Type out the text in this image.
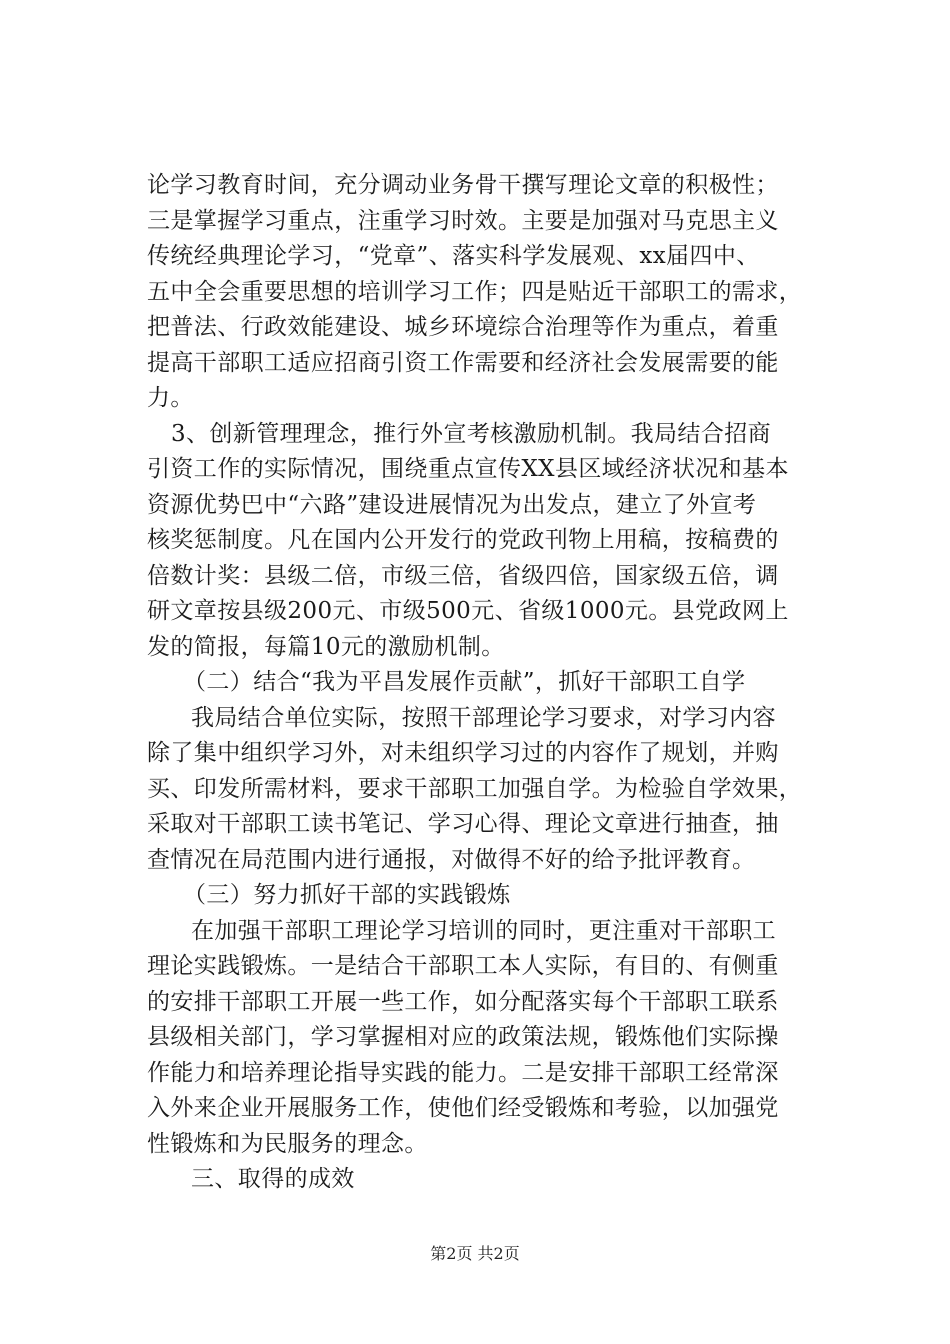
论学习教育时间，充分调动业务骨干撰写理论文章的积极性；
三是掌握学习重点，注重学习时效。主要是加强对马克思主义
传统经典理论学习，“党章”、落实科学发展观、xx届四中、
五中全会重要思想的培训学习工作；四是贴近干部职工的需求，
把普法、行政效能建设、城乡环境综合治理等作为重点，着重
提高干部职工适应招商引资工作需要和经济社会发展需要的能
力。
3、创新管理理念，推行外宣考核激励机制。我局结合招商
引资工作的实际情况，围绕重点宣传XX县区域经济状况和基本
资源优势巴中“六路”建设进展情况为出发点，建立了外宣考
核奖惩制度。凡在国内公开发行的党政刊物上用稿，按稿费的
倍数计奖：县级二倍，市级三倍，省级四倍，国家级五倍，调
研文章按县级200元、市级500元、省级1000元。县党政网上
发的简报，每篇10元的激励机制。
（二）结合“我为平昌发展作贡献”，抓好干部职工自学
我局结合单位实际，按照干部理论学习要求，对学习内容
除了集中组织学习外，对未组织学习过的内容作了规划，并购
买、印发所需材料，要求干部职工加强自学。为检验自学效果，
采取对干部职工读书笔记、学习心得、理论文章进行抽查，抽
查情况在局范围内进行通报，对做得不好的给予批评教育。
（三）努力抓好干部的实践锻炼
在加强干部职工理论学习培训的同时，更注重对干部职工
理论实践锻炼。一是结合干部职工本人实际，有目的、有侧重
的安排干部职工开展一些工作，如分配落实每个干部职工联系
县级相关部门，学习掌握相对应的政策法规，锻炼他们实际操
作能力和培养理论指导实践的能力。二是安排干部职工经常深
入外来企业开展服务工作，使他们经受锻炼和考验，以加强党
性锻炼和为民服务的理念。
三、取得的成效
第2页 共2页
